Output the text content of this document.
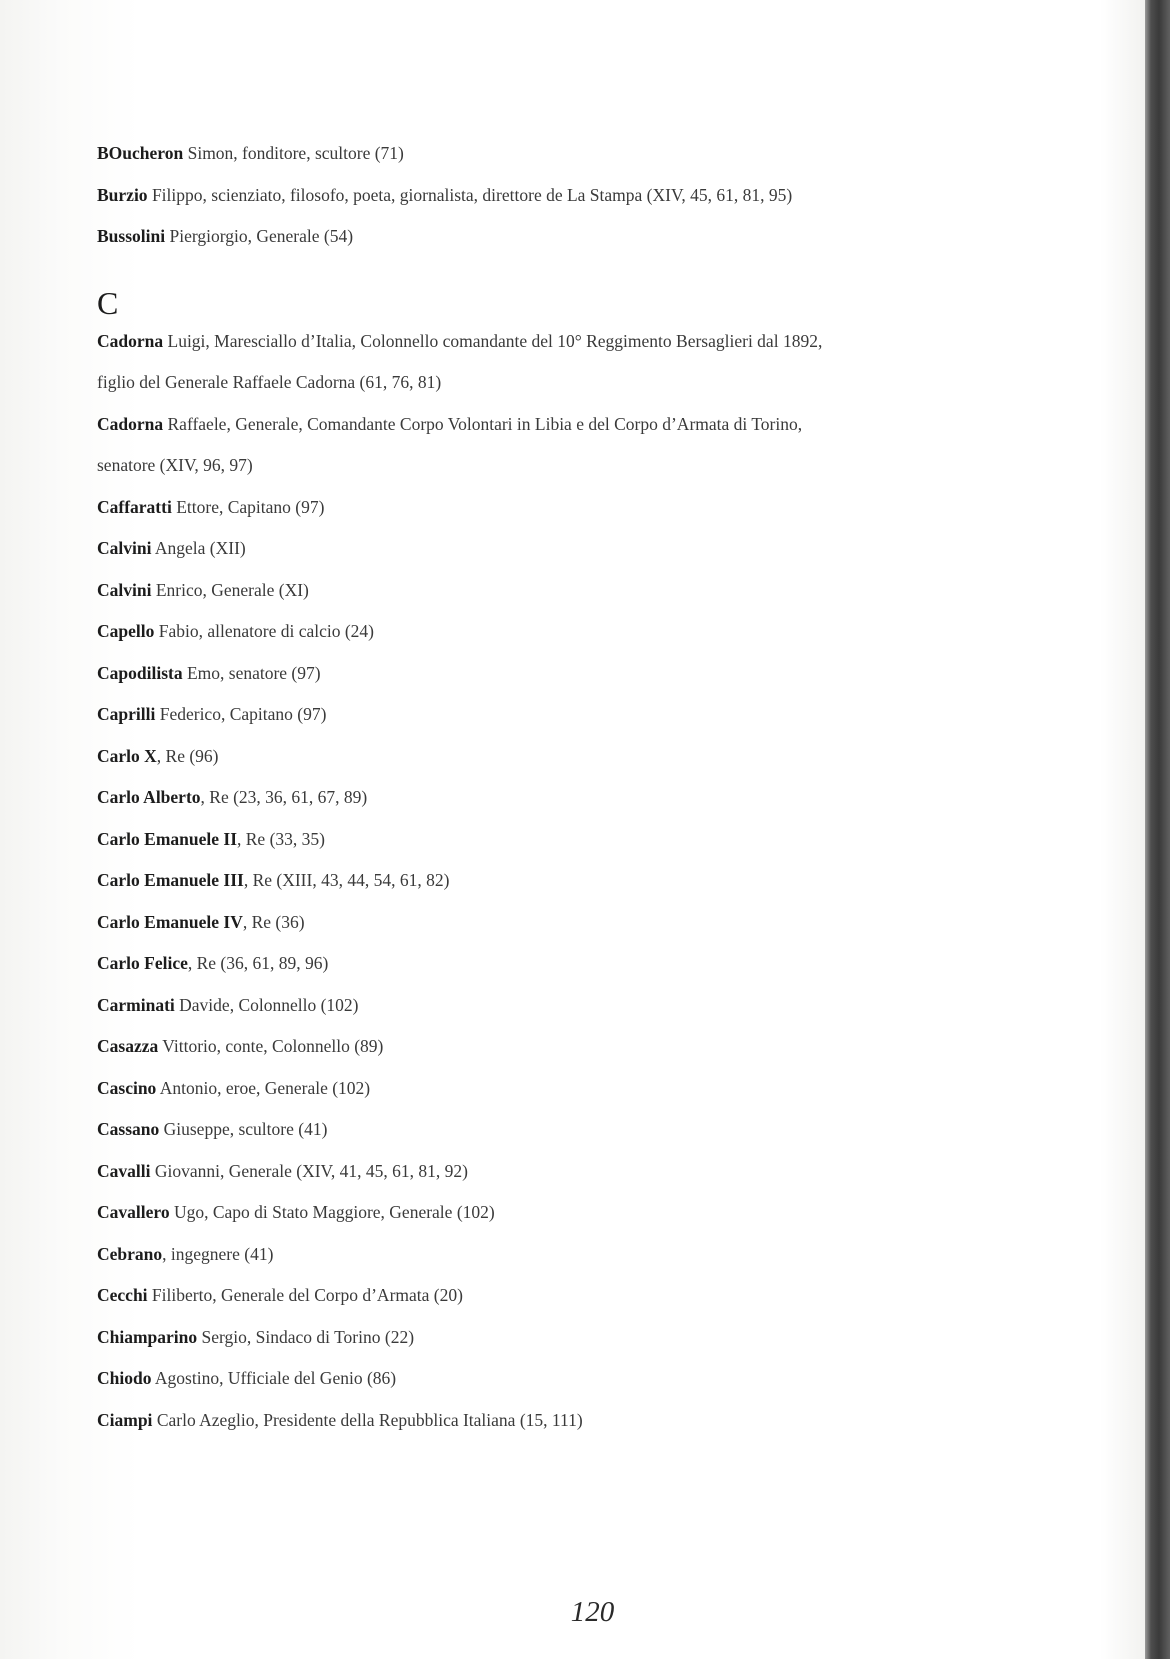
BOucheron Simon, fonditore, scultore (71)
Burzio Filippo, scienziato, filosofo, poeta, giornalista, direttore de La Stampa (XIV, 45, 61, 81, 95)
Bussolini Piergiorgio, Generale (54)
C
Cadorna Luigi, Maresciallo d’Italia, Colonnello comandante del 10° Reggimento Bersaglieri dal 1892,
figlio del Generale Raffaele Cadorna (61, 76, 81)
Cadorna Raffaele, Generale, Comandante Corpo Volontari in Libia e del Corpo d’Armata di Torino,
senatore (XIV, 96, 97)
Caffaratti Ettore, Capitano (97)
Calvini Angela (XII)
Calvini Enrico, Generale (XI)
Capello Fabio, allenatore di calcio (24)
Capodilista Emo, senatore (97)
Caprilli Federico, Capitano (97)
Carlo X, Re (96)
Carlo Alberto, Re (23, 36, 61, 67, 89)
Carlo Emanuele II, Re (33, 35)
Carlo Emanuele III, Re (XIII, 43, 44, 54, 61, 82)
Carlo Emanuele IV, Re (36)
Carlo Felice, Re (36, 61, 89, 96)
Carminati Davide, Colonnello (102)
Casazza Vittorio, conte, Colonnello (89)
Cascino Antonio, eroe, Generale (102)
Cassano Giuseppe, scultore (41)
Cavalli Giovanni, Generale (XIV, 41, 45, 61, 81, 92)
Cavallero Ugo, Capo di Stato Maggiore, Generale (102)
Cebrano, ingegnere (41)
Cecchi Filiberto, Generale del Corpo d’Armata (20)
Chiamparino Sergio, Sindaco di Torino (22)
Chiodo Agostino, Ufficiale del Genio (86)
Ciampi Carlo Azeglio, Presidente della Repubblica Italiana (15, 111)
120
